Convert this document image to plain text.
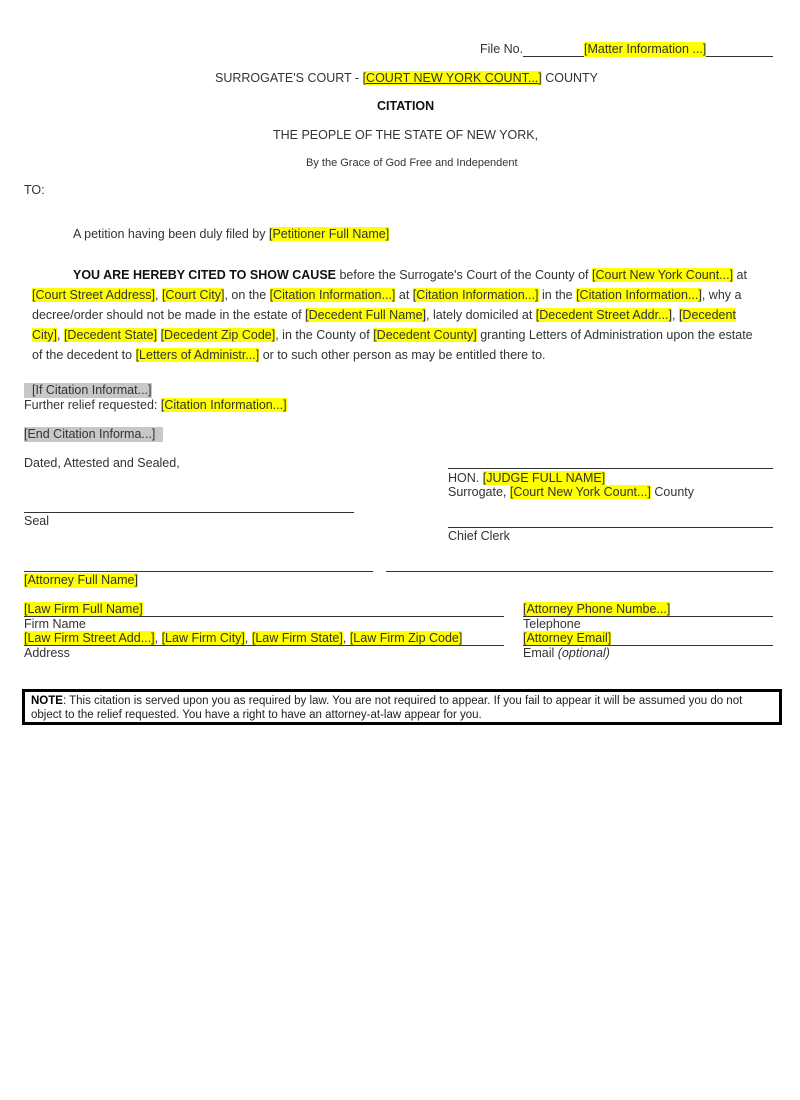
File No.	[Matter Information ...]
SURROGATE'S COURT - [COURT NEW YORK COUNT...] COUNTY
CITATION
THE PEOPLE OF THE STATE OF NEW YORK,
By the Grace of God Free and Independent
TO:
A petition having been duly filed by [Petitioner Full Name]
YOU ARE HEREBY CITED TO SHOW CAUSE before the Surrogate's Court of the County of [Court New York Count...] at [Court Street Address], [Court City], on the [Citation Information...] at [Citation Information...] in the [Citation Information...], why a decree/order should not be made in the estate of [Decedent Full Name], lately domiciled at [Decedent Street Addr...], [Decedent City], [Decedent State] [Decedent Zip Code], in the County of [Decedent County] granting Letters of Administration upon the estate of the decedent to [Letters of Administr...] or to such other person as may be entitled there to.
[If Citation Informat...]
Further relief requested: [Citation Information...]
[End Citation Informa...]
Dated, Attested and Sealed,
HON. [JUDGE FULL NAME]
Surrogate, [Court New York Count...] County
Seal
Chief Clerk
[Attorney Full Name]
[Law Firm Full Name]
Firm Name
[Attorney Phone Numbe...]
Telephone
[Law Firm Street Add...], [Law Firm City], [Law Firm State], [Law Firm Zip Code]
Address
[Attorney Email]
Email (optional)
NOTE: This citation is served upon you as required by law. You are not required to appear. If you fail to appear it will be assumed you do not object to the relief requested. You have a right to have an attorney-at-law appear for you.
